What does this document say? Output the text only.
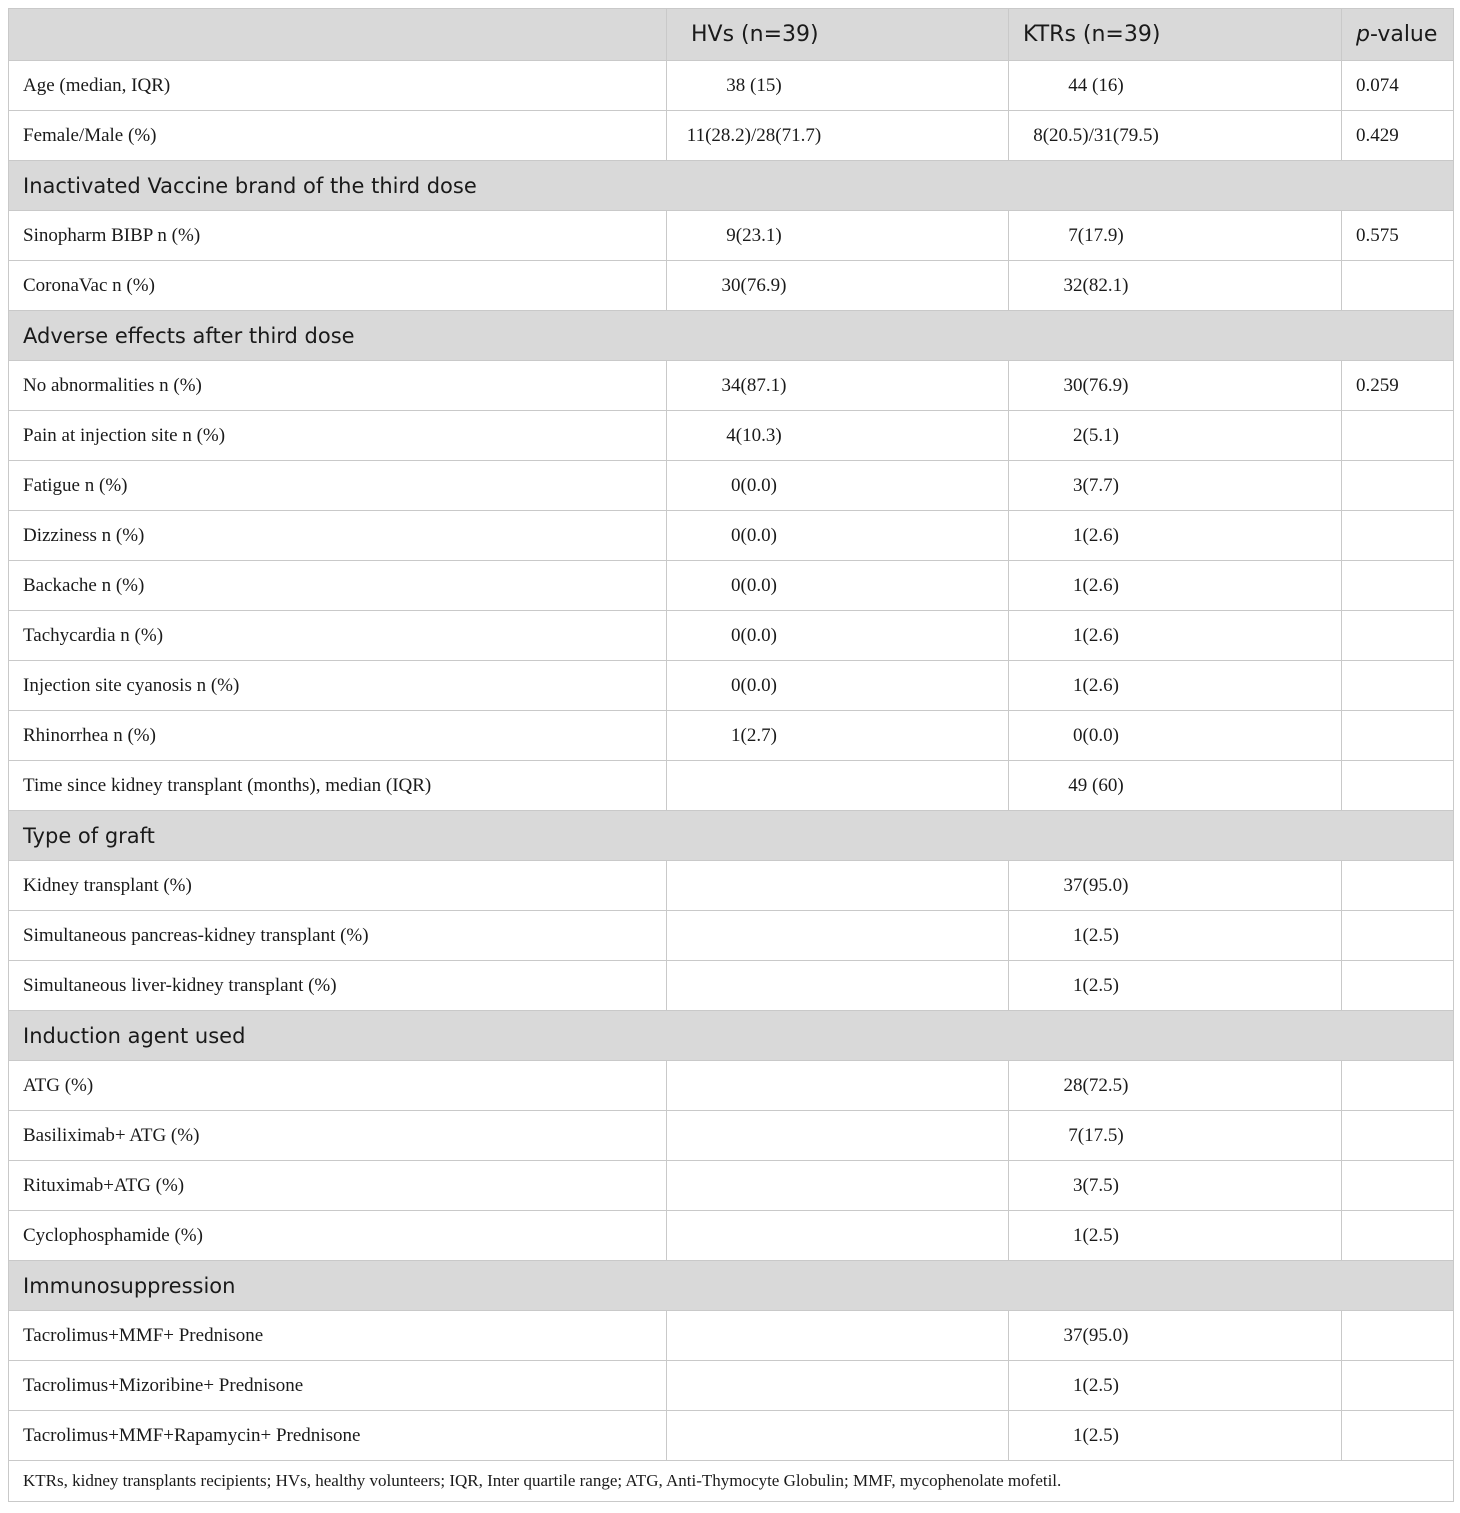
	HVs (n=39)	KTRs (n=39)	p-value
Age (median, IQR)	38 (15)	44 (16)	0.074
Female/Male (%)	11(28.2)/28(71.7)	8(20.5)/31(79.5)	0.429
Inactivated Vaccine brand of the third dose			
Sinopharm BIBP n (%)	9(23.1)	7(17.9)	0.575
CoronaVac n (%)	30(76.9)	32(82.1)	
Adverse effects after third dose			
No abnormalities n (%)	34(87.1)	30(76.9)	0.259
Pain at injection site n (%)	4(10.3)	2(5.1)	
Fatigue n (%)	0(0.0)	3(7.7)	
Dizziness n (%)	0(0.0)	1(2.6)	
Backache n (%)	0(0.0)	1(2.6)	
Tachycardia n (%)	0(0.0)	1(2.6)	
Injection site cyanosis n (%)	0(0.0)	1(2.6)	
Rhinorrhea n (%)	1(2.7)	0(0.0)	
Time since kidney transplant (months), median (IQR)		49 (60)	
Type of graft			
Kidney transplant (%)		37(95.0)	
Simultaneous pancreas-kidney transplant (%)		1(2.5)	
Simultaneous liver-kidney transplant (%)		1(2.5)	
Induction agent used			
ATG (%)		28(72.5)	
Basiliximab+ ATG (%)		7(17.5)	
Rituximab+ATG (%)		3(7.5)	
Cyclophosphamide (%)		1(2.5)	
Immunosuppression			
Tacrolimus+MMF+ Prednisone		37(95.0)	
Tacrolimus+Mizoribine+ Prednisone		1(2.5)	
Tacrolimus+MMF+Rapamycin+ Prednisone		1(2.5)	
KTRs, kidney transplants recipients; HVs, healthy volunteers; IQR, Inter quartile range; ATG, Anti-Thymocyte Globulin; MMF, mycophenolate mofetil.			
